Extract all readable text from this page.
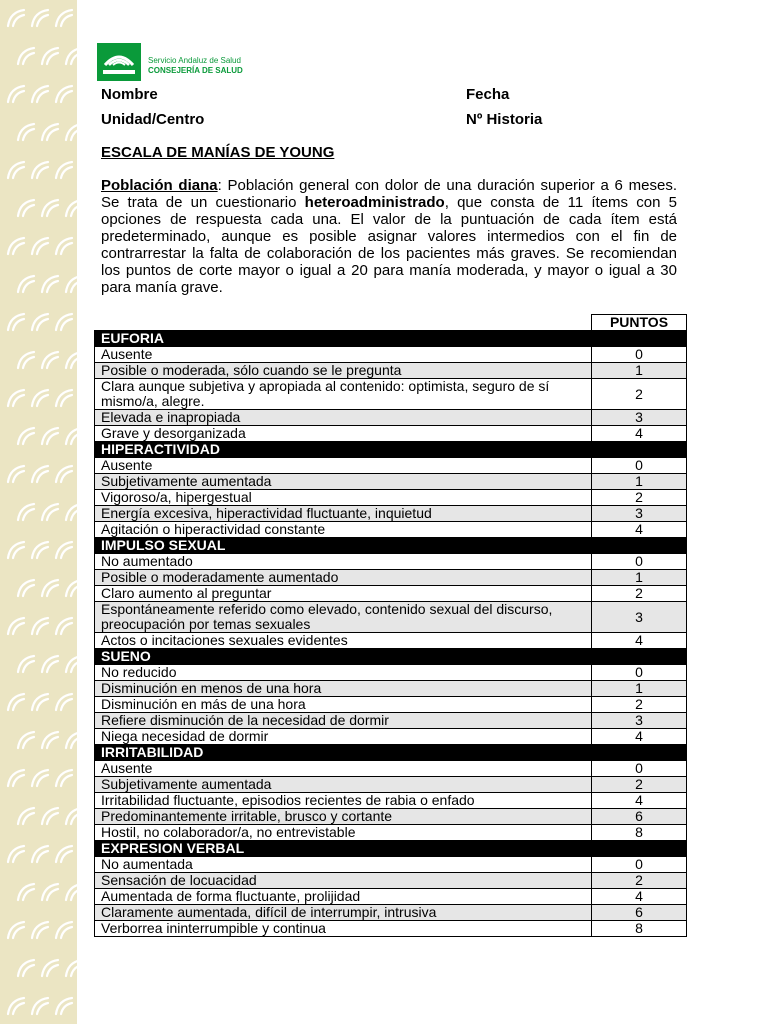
Servicio Andaluz de Salud
CONSEJERÍA DE SALUD
Nombre	Fecha
Unidad/Centro	Nº Historia
ESCALA DE MANÍAS DE YOUNG
Población diana: Población general con dolor de una duración superior a 6 meses. Se trata de un cuestionario heteroadministrado, que consta de 11 ítems con 5 opciones de respuesta cada una. El valor de la puntuación de cada ítem está predeterminado, aunque es posible asignar valores intermedios con el fin de contrarrestar la falta de colaboración de los pacientes más graves. Se recomiendan los puntos de corte mayor o igual a 20 para manía moderada, y mayor o igual a 30 para manía grave.
	PUNTOS
EUFORIA	
Ausente	0
Posible o moderada, sólo cuando se le pregunta	1
Clara aunque subjetiva y apropiada al contenido: optimista, seguro de sí mismo/a, alegre.	2
Elevada e inapropiada	3
Grave y desorganizada	4
HIPERACTIVIDAD	
Ausente	0
Subjetivamente aumentada	1
Vigoroso/a, hipergestual	2
Energía excesiva, hiperactividad fluctuante, inquietud	3
Agitación o hiperactividad constante	4
IMPULSO SEXUAL	
No aumentado	0
Posible o moderadamente aumentado	1
Claro aumento al preguntar	2
Espontáneamente referido como elevado, contenido sexual del discurso, preocupación por temas sexuales	3
Actos o incitaciones sexuales evidentes	4
SUENO	
No reducido	0
Disminución en menos de una hora	1
Disminución en más de una hora	2
Refiere disminución de la necesidad de dormir	3
Niega necesidad de dormir	4
IRRITABILIDAD	
Ausente	0
Subjetivamente aumentada	2
Irritabilidad fluctuante, episodios recientes de rabia o enfado	4
Predominantemente irritable, brusco y cortante	6
Hostil, no colaborador/a, no entrevistable	8
EXPRESION VERBAL	
No aumentada	0
Sensación de locuacidad	2
Aumentada de forma fluctuante, prolijidad	4
Claramente aumentada, difícil de interrumpir, intrusiva	6
Verborrea ininterrumpible y continua	8
